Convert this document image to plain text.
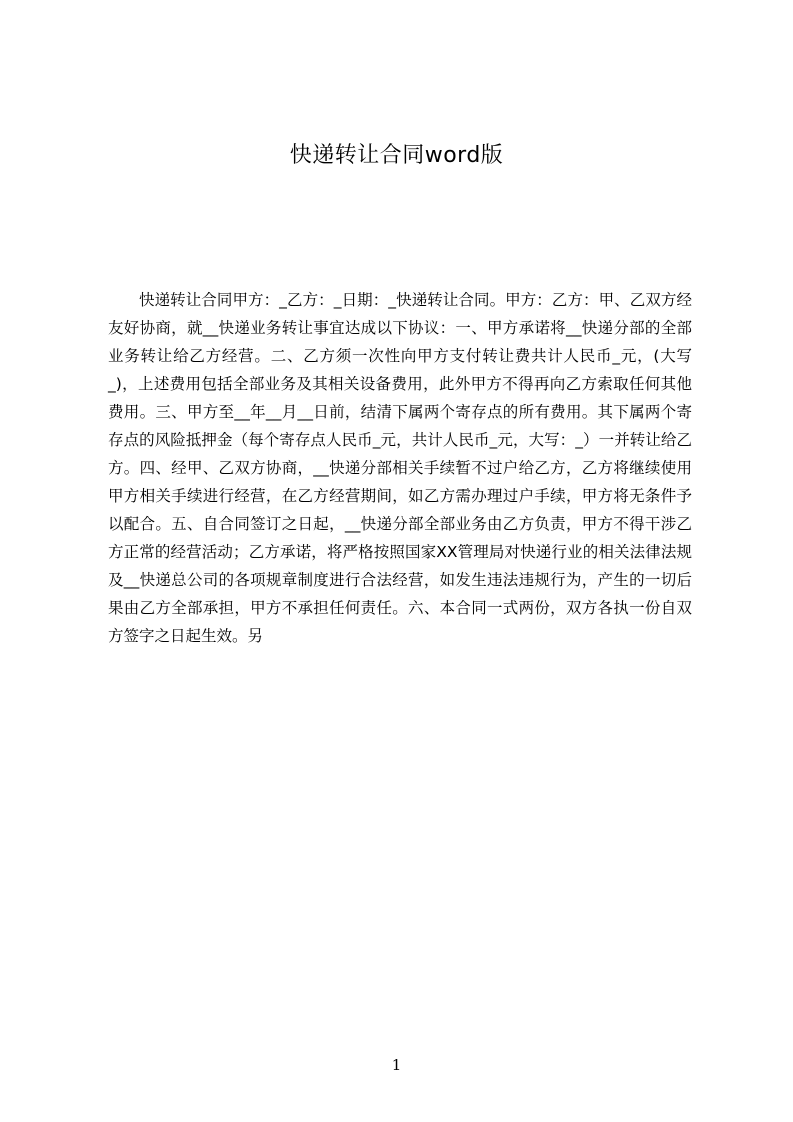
快递转让合同word版

快递转让合同甲方：_乙方：_日期：_快递转让合同。甲方：乙方：甲、乙双方经友好协商，就__快递业务转让事宜达成以下协议：一、甲方承诺将__快递分部的全部业务转让给乙方经营。二、乙方须一次性向甲方支付转让费共计人民币_元，(大写_)，上述费用包括全部业务及其相关设备费用，此外甲方不得再向乙方索取任何其他费用。三、甲方至__年__月__日前，结清下属两个寄存点的所有费用。其下属两个寄存点的风险抵押金（每个寄存点人民币_元，共计人民币_元，大写：_）一并转让给乙方。四、经甲、乙双方协商，__快递分部相关手续暂不过户给乙方，乙方将继续使用甲方相关手续进行经营，在乙方经营期间，如乙方需办理过户手续，甲方将无条件予以配合。五、自合同签订之日起，__快递分部全部业务由乙方负责，甲方不得干涉乙方正常的经营活动；乙方承诺，将严格按照国家XX管理局对快递行业的相关法律法规及__快递总公司的各项规章制度进行合法经营，如发生违法违规行为，产生的一切后果由乙方全部承担，甲方不承担任何责任。六、本合同一式两份，双方各执一份自双方签字之日起生效。另

1
